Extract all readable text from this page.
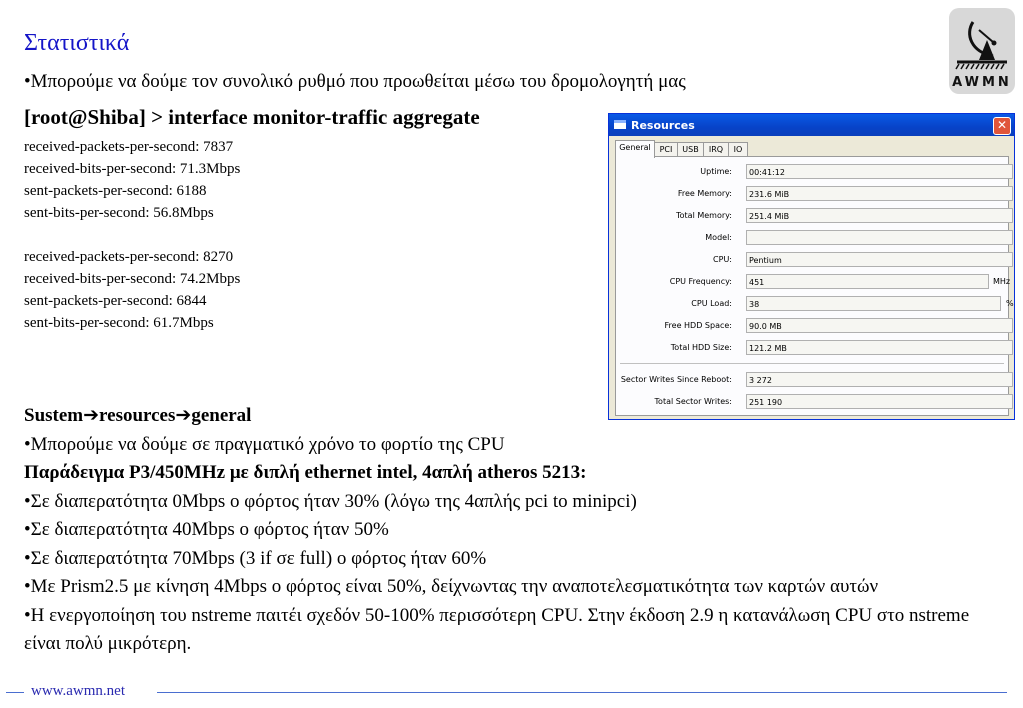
Στατιστικά
AWMN
•Μπορούμε να δούμε τον συνολικό ρυθμό που προωθείται μέσω του δρομολογητή μας
[root@Shiba] > interface monitor-traffic aggregate
received-packets-per-second: 7837
received-bits-per-second: 71.3Mbps
sent-packets-per-second: 6188
sent-bits-per-second: 56.8Mbps
received-packets-per-second: 8270
received-bits-per-second: 74.2Mbps
sent-packets-per-second: 6844
sent-bits-per-second: 61.7Mbps
Resources	✕
General	PCI	USB	IRQ	IO
Uptime:	00:41:12
Free Memory:	231.6 MiB
Total Memory:	251.4 MiB
Model:
CPU:	Pentium
CPU Frequency:	451	MHz
CPU Load:	38	%
Free HDD Space:	90.0 MB
Total HDD Size:	121.2 MB
Sector Writes Since Reboot:	3 272
Total Sector Writes:	251 190
Sustem➔resources➔general
•Μπορούμε να δούμε σε πραγματικό χρόνο το φορτίο της CPU
Παράδειγμα P3/450MHz με διπλή ethernet intel, 4απλή atheros 5213:
•Σε διαπερατότητα 0Mbps ο φόρτος ήταν 30% (λόγω της 4απλής pci to minipci)
•Σε διαπερατότητα 40Mbps ο φόρτος ήταν 50%
•Σε διαπερατότητα 70Mbps (3 if σε full) ο φόρτος ήταν 60%
•Με Prism2.5 με κίνηση 4Mbps ο φόρτος είναι 50%, δείχνωντας την αναποτελεσματικότητα των καρτών αυτών
•Η ενεργοποίηση του nstreme παιτέι σχεδόν 50-100% περισσότερη CPU. Στην έκδοση 2.9 η κατανάλωση CPU στο nstreme είναι πολύ μικρότερη.
www.awmn.net
